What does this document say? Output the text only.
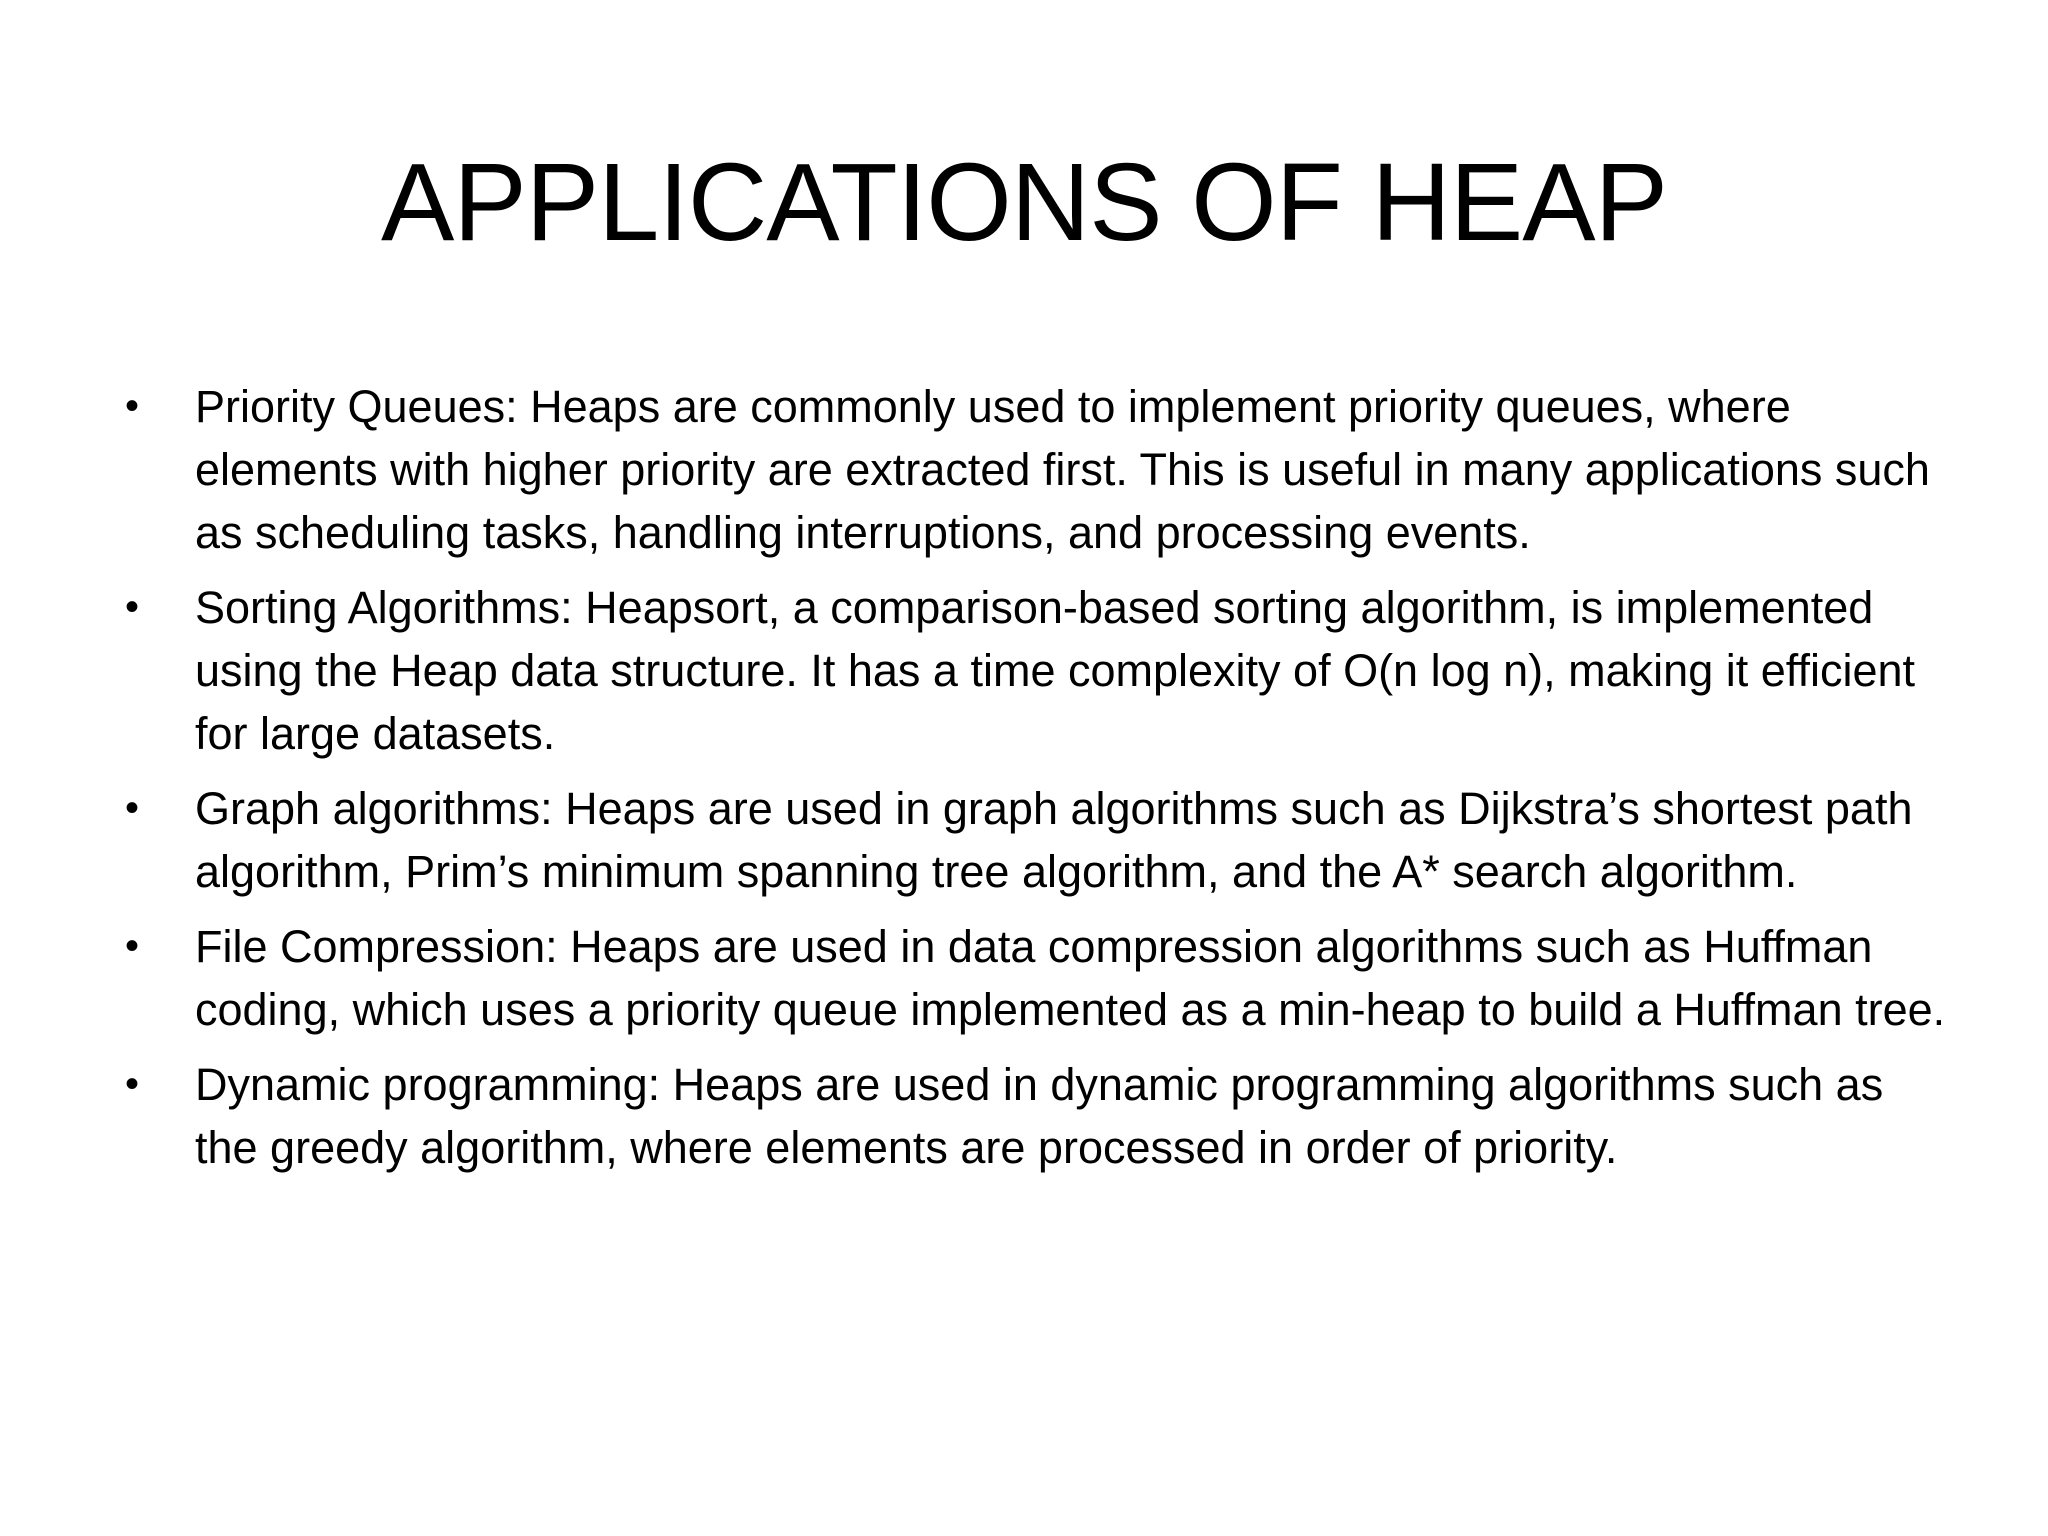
APPLICATIONS OF HEAP
•	Priority Queues: Heaps are commonly used to implement priority queues, where elements with higher priority are extracted first. This is useful in many applications such as scheduling tasks, handling interruptions, and processing events.
•	Sorting Algorithms: Heapsort, a comparison-based sorting algorithm, is implemented using the Heap data structure. It has a time complexity of O(n log n), making it efficient for large datasets.
•	Graph algorithms: Heaps are used in graph algorithms such as Dijkstra’s shortest path algorithm, Prim’s minimum spanning tree algorithm, and the A* search algorithm.
•	File Compression: Heaps are used in data compression algorithms such as Huffman coding, which uses a priority queue implemented as a min-heap to build a Huffman tree.
•	Dynamic programming: Heaps are used in dynamic programming algorithms such as the greedy algorithm, where elements are processed in order of priority.
